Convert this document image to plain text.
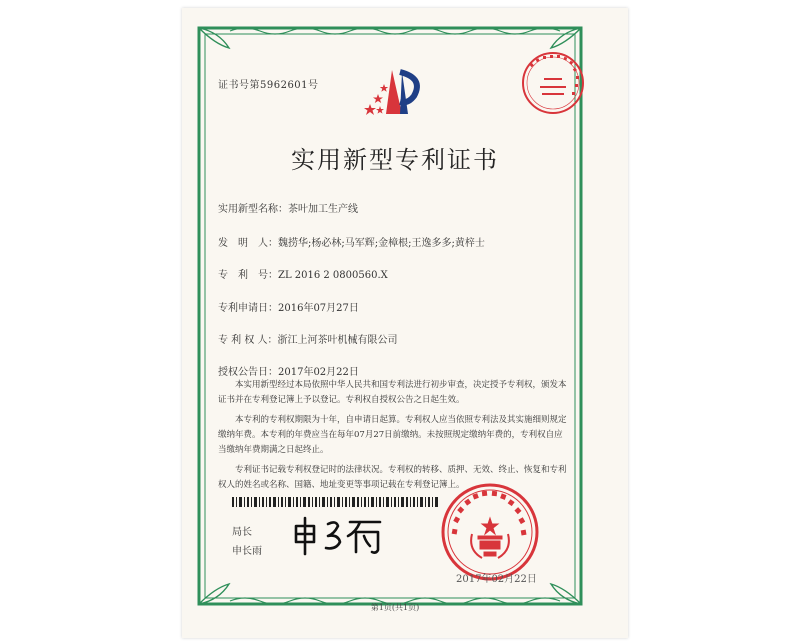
证书号第5962601号
实用新型专利证书
实用新型名称：茶叶加工生产线
发　明　人：魏捞华;杨必林;马军辉;金樟根;王逸多多;黄梓士
专　利　号：ZL 2016 2 0800560.X
专利申请日：2016年07月27日
专 利 权 人：浙江上河茶叶机械有限公司
授权公告日：2017年02月22日

本实用新型经过本局依照中华人民共和国专利法进行初步审查，决定授予专利权，颁发本证书并在专利登记簿上予以登记。专利权自授权公告之日起生效。

本专利的专利权期限为十年，自申请日起算。专利权人应当依照专利法及其实施细则规定缴纳年费。本专利的年费应当在每年07月27日前缴纳。未按照规定缴纳年费的，专利权自应当缴纳年费期满之日起终止。

专利证书记载专利权登记时的法律状况。专利权的转移、质押、无效、终止、恢复和专利权人的姓名或名称、国籍、地址变更等事项记载在专利登记簿上。

局长
申长雨
2017年02月22日
第1页(共1页)
